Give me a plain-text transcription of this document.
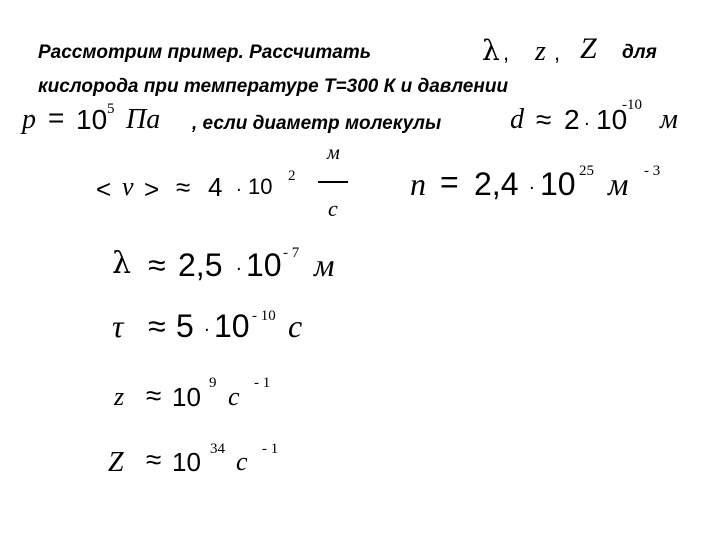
Рассмотрим пример. Рассчитать	λ , z , Z для
кислорода при температуре Т=300 К и давлении
p = 10 5 Па , если диаметр молекулы d ≈ 2 · 10
-10 м
< v > ≈ 4 · 10 2
м
с
n = 2,4 · 10 25 м - 3
λ ≈ 2,5 · 10 - 7 м
τ ≈ 5 · 10 - 10 с
z ≈ 10 9 с - 1
Z ≈ 10 34 с - 1
